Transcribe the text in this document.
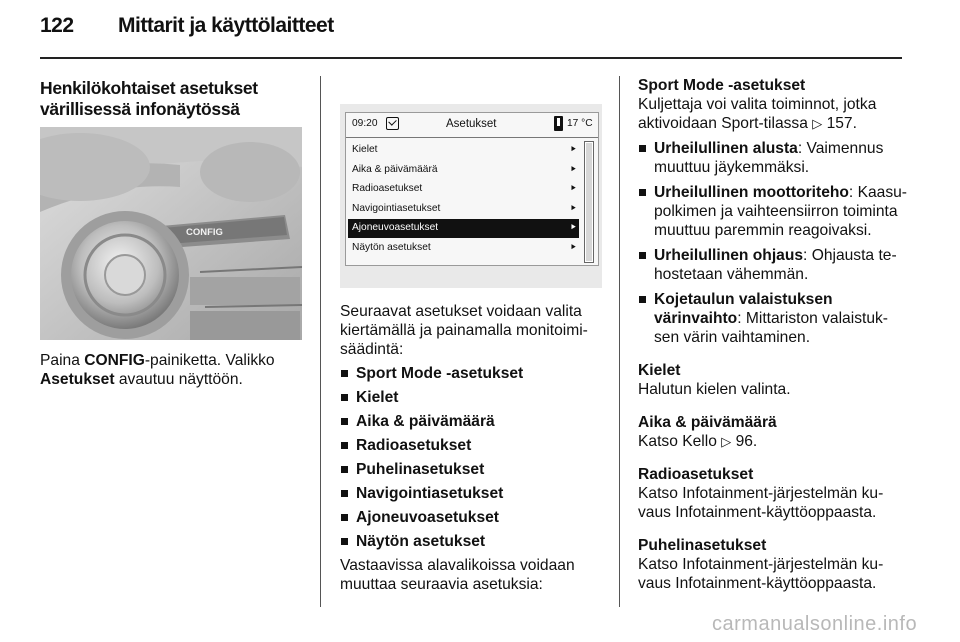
122 Mittarit ja käyttölaitteet
Henkilökohtaiset asetukset
värillisessä infonäytössä
CONFIG

Paina CONFIG-painiketta. Valikko

Asetukset avautuu näyttöön.

09:20	Asetukset	17 °C
Kielet	⯈
Aika & päivämäärä	⯈
Radioasetukset	⯈
Navigointiasetukset	⯈
Ajoneuvoasetukset	⯈
Näytön asetukset	⯈

Seuraavat asetukset voidaan valita kiertämällä ja painamalla monitoimi-säädintä:

Sport Mode -asetukset
Kielet
Aika & päivämäärä
Radioasetukset
Puhelinasetukset
Navigointiasetukset
Ajoneuvoasetukset
Näytön asetukset

Vastaavissa alavalikoissa voidaan muuttaa seuraavia asetuksia:

Sport Mode -asetukset

Kuljettaja voi valita toiminnot, jotka aktivoidaan Sport-tilassa ▷ 157.

Urheilullinen alusta: Vaimennus muuttuu jäykemmäksi.
Urheilullinen moottoriteho: Kaasu-polkimen ja vaihteensiirron toiminta muuttuu paremmin reagoivaksi.
Urheilullinen ohjaus: Ohjausta te-hostetaan vähemmän.
Kojetaulun valaistuksen värinvaihto: Mittariston valaistuk-sen värin vaihtaminen.

Kielet

Halutun kielen valinta.

Aika & päivämäärä

Katso Kello ▷ 96.

Radioasetukset

Katso Infotainment-järjestelmän ku-vaus Infotainment-käyttöoppaasta.

Puhelinasetukset

Katso Infotainment-järjestelmän ku-vaus Infotainment-käyttöoppaasta.

carmanualsonline.info
